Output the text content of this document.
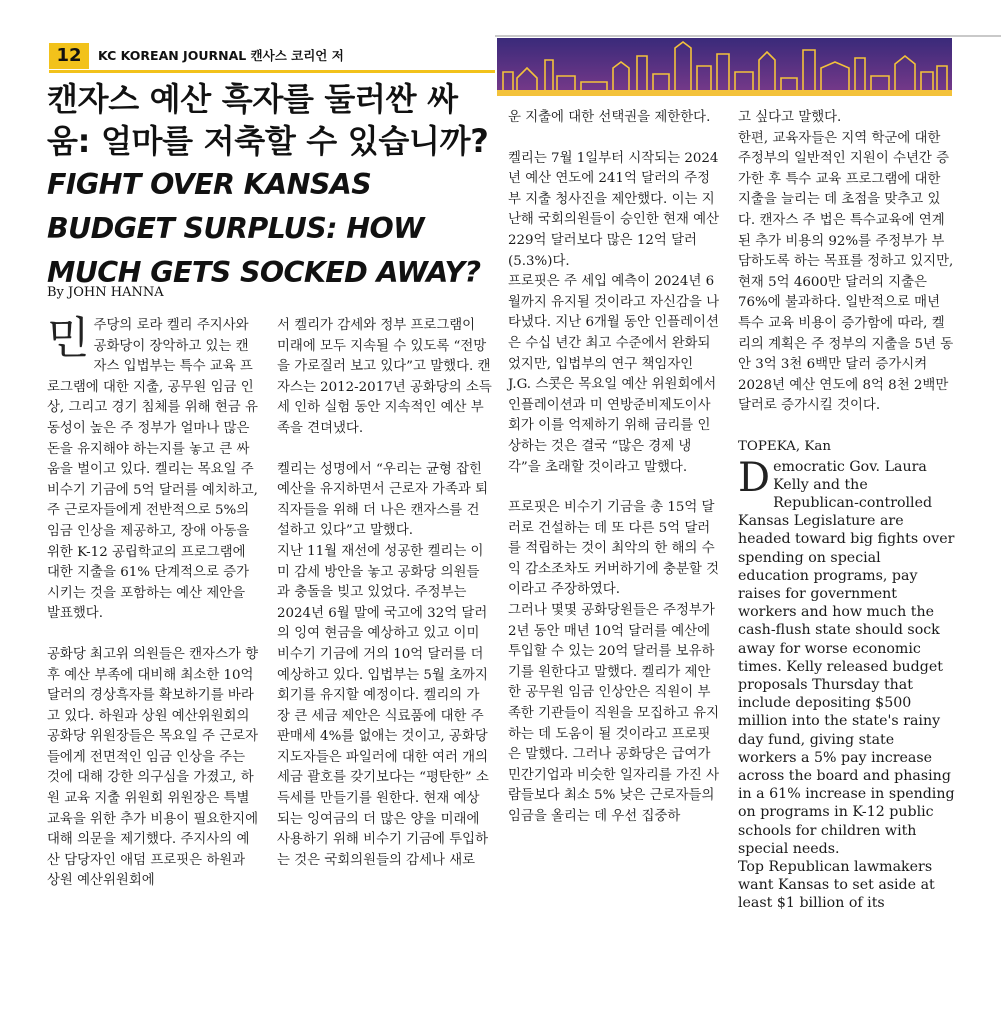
12	KC KOREAN JOURNAL 캔사스 코리언 저
캔자스 예산 흑자를 둘러싼 싸움: 얼마를 저축할 수 있습니까? FIGHT OVER KANSAS BUDGET SURPLUS: HOW MUCH GETS SOCKED AWAY?
By JOHN HANNA

민주당의 로라 켈리 주지사와 공화당이 장악하고 있는 캔자스 입법부는 특수 교육 프로그램에 대한 지출, 공무원 임금 인상, 그리고 경기 침체를 위해 현금 유동성이 높은 주 정부가 얼마나 많은 돈을 유지해야 하는지를 놓고 큰 싸움을 벌이고 있다. 켈리는 목요일 주 비수기 기금에 5억 달러를 예치하고, 주 근로자들에게 전반적으로 5%의 임금 인상을 제공하고, 장애 아동을 위한 K-12 공립학교의 프로그램에 대한 지출을 61% 단계적으로 증가시키는 것을 포함하는 예산 제안을 발표했다.

공화당 최고위 의원들은 캔자스가 향후 예산 부족에 대비해 최소한 10억 달러의 경상흑자를 확보하기를 바라고 있다. 하원과 상원 예산위원회의 공화당 위원장들은 목요일 주 근로자들에게 전면적인 임금 인상을 주는 것에 대해 강한 의구심을 가졌고, 하원 교육 지출 위원회 위원장은 특별 교육을 위한 추가 비용이 필요한지에 대해 의문을 제기했다. 주지사의 예산 담당자인 애덤 프로핏은 하원과 상원 예산위원회에

서 켈리가 감세와 정부 프로그램이 미래에 모두 지속될 수 있도록 “전망을 가로질러 보고 있다”고 말했다. 캔자스는 2012-2017년 공화당의 소득세 인하 실험 동안 지속적인 예산 부족을 견뎌냈다.

켈리는 성명에서 “우리는 균형 잡힌 예산을 유지하면서 근로자 가족과 퇴직자들을 위해 더 나은 캔자스를 건설하고 있다”고 말했다.

지난 11월 재선에 성공한 켈리는 이미 감세 방안을 놓고 공화당 의원들과 충돌을 빚고 있었다. 주정부는 2024년 6월 말에 국고에 32억 달러의 잉여 현금을 예상하고 있고 이미 비수기 기금에 거의 10억 달러를 더 예상하고 있다. 입법부는 5월 초까지 회기를 유지할 예정이다. 켈리의 가장 큰 세금 제안은 식료품에 대한 주 판매세 4%를 없애는 것이고, 공화당 지도자들은 파일러에 대한 여러 개의 세금 괄호를 갖기보다는 “평탄한” 소득세를 만들기를 원한다. 현재 예상되는 잉여금의 더 많은 양을 미래에 사용하기 위해 비수기 기금에 투입하는 것은 국회의원들의 감세나 새로

운 지출에 대한 선택권을 제한한다.

켈리는 7월 1일부터 시작되는 2024년 예산 연도에 241억 달러의 주정부 지출 청사진을 제안했다. 이는 지난해 국회의원들이 승인한 현재 예산 229억 달러보다 많은 12억 달러(5.3%)다.

프로핏은 주 세입 예측이 2024년 6월까지 유지될 것이라고 자신감을 나타냈다. 지난 6개월 동안 인플레이션은 수십 년간 최고 수준에서 완화되었지만, 입법부의 연구 책임자인 J.G. 스콧은 목요일 예산 위원회에서 인플레이션과 미 연방준비제도이사회가 이를 억제하기 위해 금리를 인상하는 것은 결국 “많은 경제 냉각”을 초래할 것이라고 말했다.

프로핏은 비수기 기금을 총 15억 달러로 건설하는 데 또 다른 5억 달러를 적립하는 것이 최악의 한 해의 수익 감소조차도 커버하기에 충분할 것이라고 주장하였다.

그러나 몇몇 공화당원들은 주정부가 2년 동안 매년 10억 달러를 예산에 투입할 수 있는 20억 달러를 보유하기를 원한다고 말했다. 켈리가 제안한 공무원 임금 인상안은 직원이 부족한 기관들이 직원을 모집하고 유지하는 데 도움이 될 것이라고 프로핏은 말했다. 그러나 공화당은 급여가 민간기업과 비슷한 일자리를 가진 사람들보다 최소 5% 낮은 근로자들의 임금을 올리는 데 우선 집중하

고 싶다고 말했다.

한편, 교육자들은 지역 학군에 대한 주정부의 일반적인 지원이 수년간 증가한 후 특수 교육 프로그램에 대한 지출을 늘리는 데 초점을 맞추고 있다. 캔자스 주 법은 특수교육에 연계된 추가 비용의 92%를 주정부가 부담하도록 하는 목표를 정하고 있지만, 현재 5억 4600만 달러의 지출은 76%에 불과하다. 일반적으로 매년 특수 교육 비용이 증가함에 따라, 켈리의 계획은 주 정부의 지출을 5년 동안 3억 3천 6백만 달러 증가시켜 2028년 예산 연도에 8억 8천 2백만 달러로 증가시킬 것이다.

TOPEKA, Kan

Democratic Gov. Laura Kelly and the Republican-controlled Kansas Legislature are headed toward big fights over spending on special education programs, pay raises for government workers and how much the cash-flush state should sock away for worse economic times. Kelly released budget proposals Thursday that include depositing $500 million into the state's rainy day fund, giving state workers a 5% pay increase across the board and phasing in a 61% increase in spending on programs in K-12 public schools for children with special needs.

Top Republican lawmakers want Kansas to set aside at least $1 billion of its
